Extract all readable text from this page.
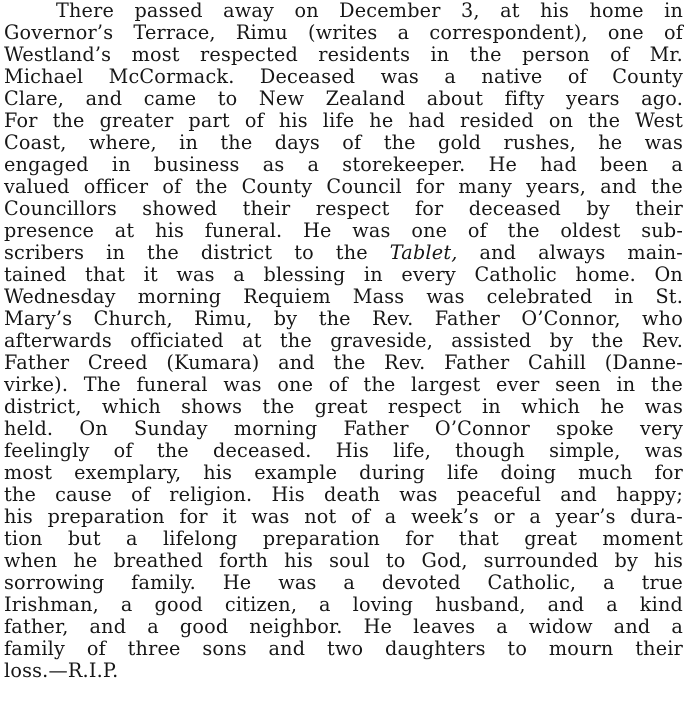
There passed away on December 3, at his home in
Governor’s Terrace, Rimu (writes a correspondent), one of
Westland’s most respected residents in the person of Mr.
Michael McCormack. Deceased was a native of County
Clare, and came to New Zealand about fifty years ago.
For the greater part of his life he had resided on the West
Coast, where, in the days of the gold rushes, he was
engaged in business as a storekeeper. He had been a
valued officer of the County Council for many years, and the
Councillors showed their respect for deceased by their
presence at his funeral. He was one of the oldest sub-
scribers in the district to the Tablet, and always main-
tained that it was a blessing in every Catholic home. On
Wednesday morning Requiem Mass was celebrated in St.
Mary’s Church, Rimu, by the Rev. Father O’Connor, who
afterwards officiated at the graveside, assisted by the Rev.
Father Creed (Kumara) and the Rev. Father Cahill (Danne-
virke). The funeral was one of the largest ever seen in the
district, which shows the great respect in which he was
held. On Sunday morning Father O’Connor spoke very
feelingly of the deceased. His life, though simple, was
most exemplary, his example during life doing much for
the cause of religion. His death was peaceful and happy;
his preparation for it was not of a week’s or a year’s dura-
tion but a lifelong preparation for that great moment
when he breathed forth his soul to God, surrounded by his
sorrowing family. He was a devoted Catholic, a true
Irishman, a good citizen, a loving husband, and a kind
father, and a good neighbor. He leaves a widow and a
family of three sons and two daughters to mourn their
loss.—R.I.P.
